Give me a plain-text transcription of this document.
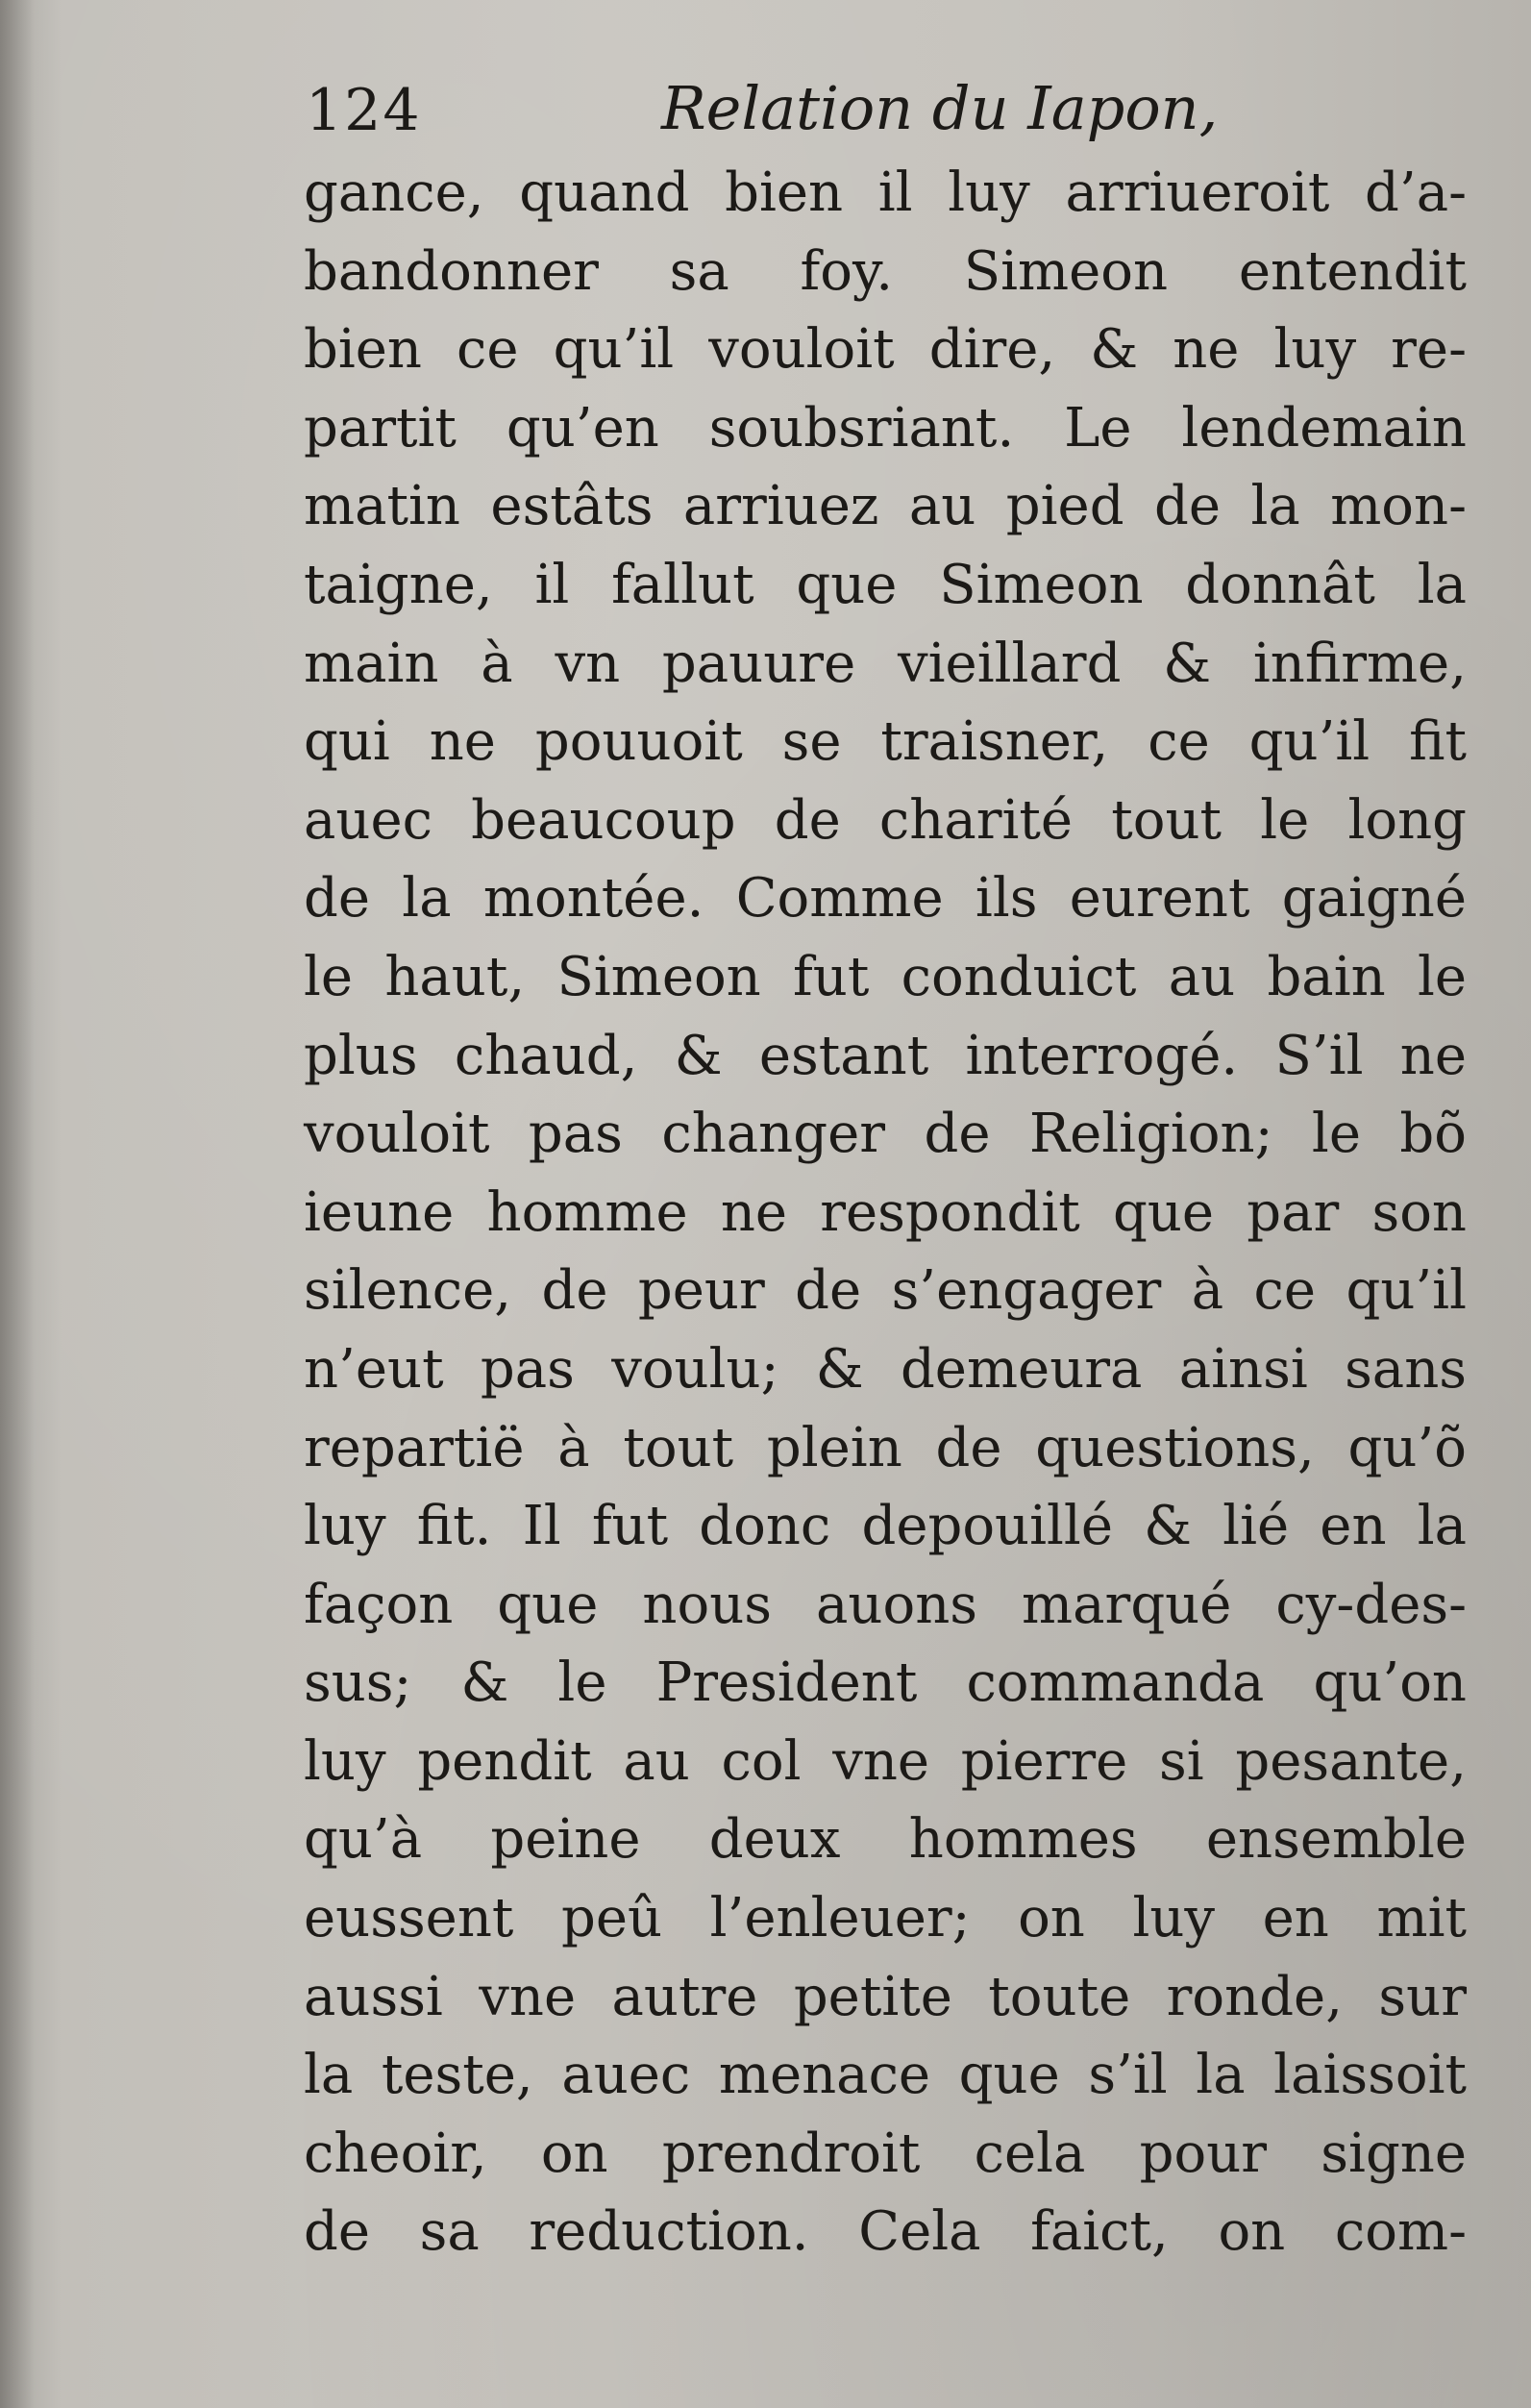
124	Relation du Iapon,
gance, quand bien il luy arriueroit d’a-
bandonner sa foy. Simeon entendit
bien ce qu’il vouloit dire, & ne luy re-
partit qu’en soubsriant. Le lendemain
matin estâts arriuez au pied de la mon-
taigne, il fallut que Simeon donnât la
main à vn pauure vieillard & infirme,
qui ne pouuoit se traisner, ce qu’il fit
auec beaucoup de charité tout le long
de la montée. Comme ils eurent gaigné
le haut, Simeon fut conduict au bain le
plus chaud, & estant interrogé. S’il ne
vouloit pas changer de Religion; le bõ
ieune homme ne respondit que par son
silence, de peur de s’engager à ce qu’il
n’eut pas voulu; & demeura ainsi sans
repartië à tout plein de questions, qu’õ
luy fit. Il fut donc depouillé & lié en la
façon que nous auons marqué cy-des-
sus; & le President commanda qu’on
luy pendit au col vne pierre si pesante,
qu’à peine deux hommes ensemble
eussent peû l’enleuer; on luy en mit
aussi vne autre petite toute ronde, sur
la teste, auec menace que s’il la laissoit
cheoir, on prendroit cela pour signe
de sa reduction. Cela faict, on com-
